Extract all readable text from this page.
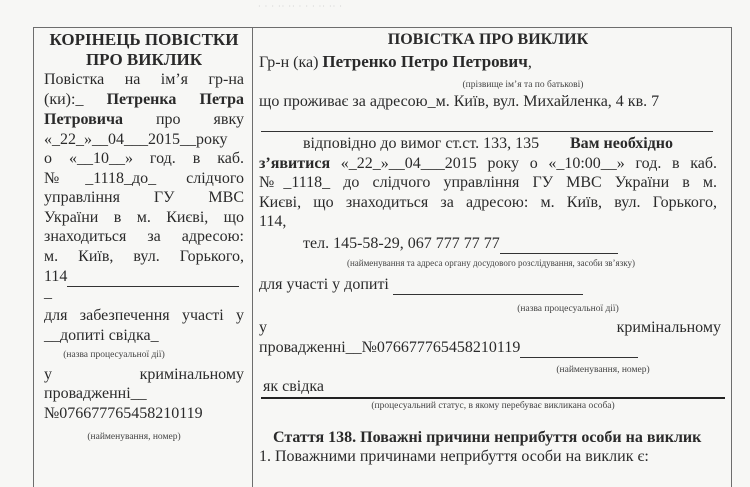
· · · ·· ·· · · · ·· ·· ·
КОРІНЕЦЬ ПОВІСТКИ
ПРО ВИКЛИК
Повістка на ім’я гр-на
(ки):_ Петренка Петра
Петровича про явку
«_22_»__04___2015__року
о «__10__» год. в каб.
№_1118_до_ слідчого
управління ГУ МВС
України в м. Києві, що
знаходиться за адресою:
м. Київ, вул. Горького,
114
_
для забезпечення участі у
__допиті свідка_
(назва процесуальної дії)
у	кримінальному
провадженні__
№076677765458210119
(найменування, номер)
ПОВІСТКА ПРО ВИКЛИК
Гр-н (ка) Петренко Петро Петрович,
(прізвище ім’я та по батькові)
що проживає за адресою_м. Київ, вул. Михайленка, 4 кв. 7
відповідно до вимог ст.ст. 133, 135 Вам необхідно
з’явитися «_22_»__04___2015 року о «_10:00__» год. в каб.
№_1118_ до слідчого управління ГУ МВС України в м.
Києві, що знаходиться за адресою: м. Київ, вул. Горького,
114,
тел. 145-58-29, 067 777 77 77
(найменування та адреса органу досудового розслідування, засоби зв’язку)
для участі у допиті
(назва процесуальної дії)
у	кримінальному
провадженні__№076677765458210119
(найменування, номер)
як свідка
(процесуальний статус, в якому перебуває викликана особа)
Стаття 138. Поважні причини неприбуття особи на виклик
1. Поважними причинами неприбуття особи на виклик є:
